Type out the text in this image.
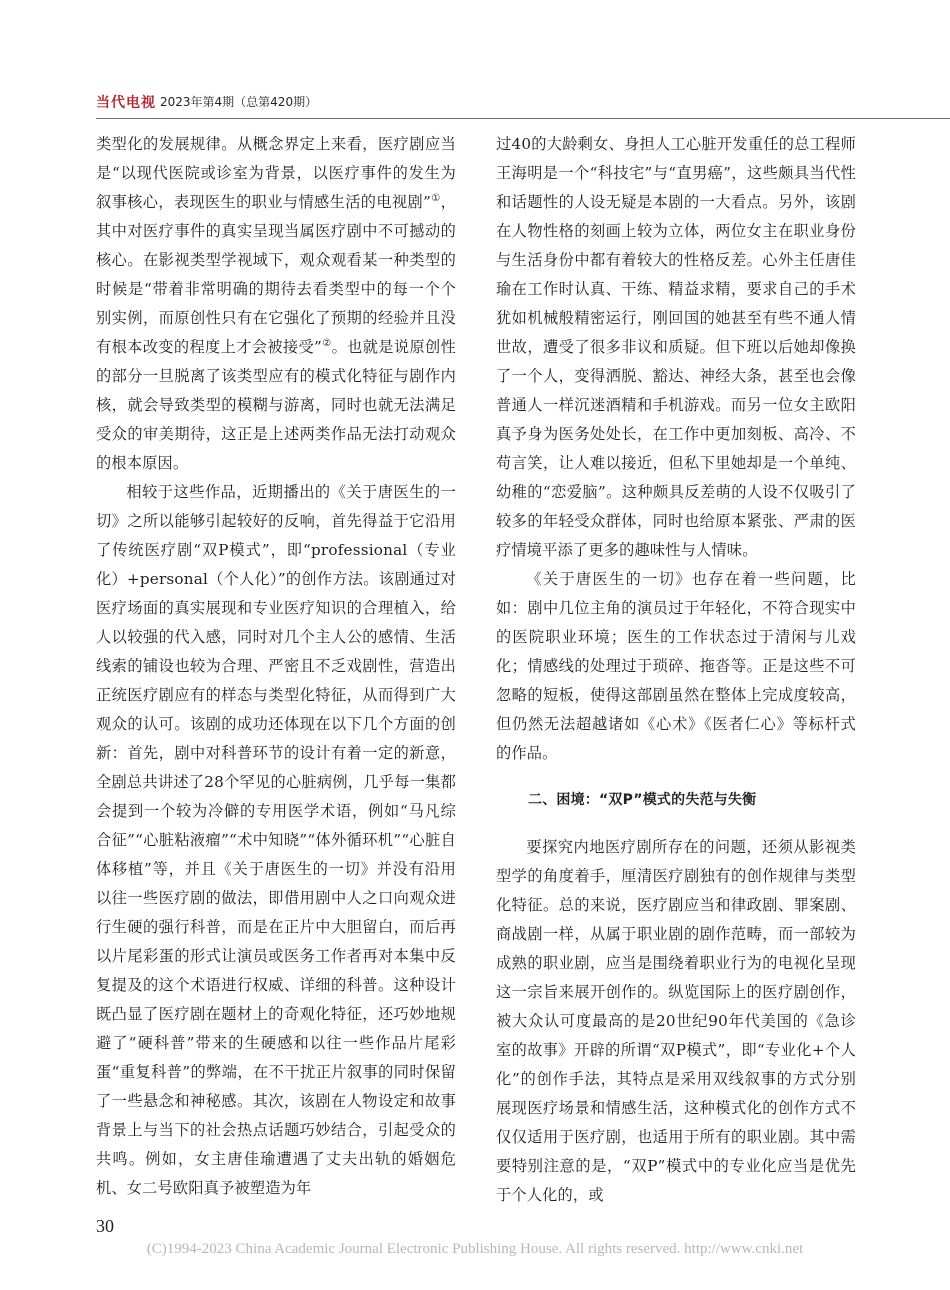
当代电视 2023年第4期（总第420期）

类型化的发展规律。从概念界定上来看，医疗剧应当是“以现代医院或诊室为背景，以医疗事件的发生为叙事核心，表现医生的职业与情感生活的电视剧”①，其中对医疗事件的真实呈现当属医疗剧中不可撼动的核心。在影视类型学视域下，观众观看某一种类型的时候是“带着非常明确的期待去看类型中的每一个个别实例，而原创性只有在它强化了预期的经验并且没有根本改变的程度上才会被接受”②。也就是说原创性的部分一旦脱离了该类型应有的模式化特征与剧作内核，就会导致类型的模糊与游离，同时也就无法满足受众的审美期待，这正是上述两类作品无法打动观众的根本原因。

相较于这些作品，近期播出的《关于唐医生的一切》之所以能够引起较好的反响，首先得益于它沿用了传统医疗剧“双P模式”，即“professional（专业化）+personal（个人化）”的创作方法。该剧通过对医疗场面的真实展现和专业医疗知识的合理植入，给人以较强的代入感，同时对几个主人公的感情、生活线索的铺设也较为合理、严密且不乏戏剧性，营造出正统医疗剧应有的样态与类型化特征，从而得到广大观众的认可。该剧的成功还体现在以下几个方面的创新：首先，剧中对科普环节的设计有着一定的新意，全剧总共讲述了28个罕见的心脏病例，几乎每一集都会提到一个较为冷僻的专用医学术语，例如“马凡综合征”“心脏粘液瘤”“术中知晓”“体外循环机”“心脏自体移植”等，并且《关于唐医生的一切》并没有沿用以往一些医疗剧的做法，即借用剧中人之口向观众进行生硬的强行科普，而是在正片中大胆留白，而后再以片尾彩蛋的形式让演员或医务工作者再对本集中反复提及的这个术语进行权威、详细的科普。这种设计既凸显了医疗剧在题材上的奇观化特征，还巧妙地规避了“硬科普”带来的生硬感和以往一些作品片尾彩蛋“重复科普”的弊端，在不干扰正片叙事的同时保留了一些悬念和神秘感。其次，该剧在人物设定和故事背景上与当下的社会热点话题巧妙结合，引起受众的共鸣。例如，女主唐佳瑜遭遇了丈夫出轨的婚姻危机、女二号欧阳真予被塑造为年

过40的大龄剩女、身担人工心脏开发重任的总工程师王海明是一个“科技宅”与“直男癌”，这些颇具当代性和话题性的人设无疑是本剧的一大看点。另外，该剧在人物性格的刻画上较为立体，两位女主在职业身份与生活身份中都有着较大的性格反差。心外主任唐佳瑜在工作时认真、干练、精益求精，要求自己的手术犹如机械般精密运行，刚回国的她甚至有些不通人情世故，遭受了很多非议和质疑。但下班以后她却像换了一个人，变得洒脱、豁达、神经大条，甚至也会像普通人一样沉迷酒精和手机游戏。而另一位女主欧阳真予身为医务处处长，在工作中更加刻板、高冷、不苟言笑，让人难以接近，但私下里她却是一个单纯、幼稚的“恋爱脑”。这种颇具反差萌的人设不仅吸引了较多的年轻受众群体，同时也给原本紧张、严肃的医疗情境平添了更多的趣味性与人情味。

《关于唐医生的一切》也存在着一些问题，比如：剧中几位主角的演员过于年轻化，不符合现实中的医院职业环境；医生的工作状态过于清闲与儿戏化；情感线的处理过于琐碎、拖沓等。正是这些不可忽略的短板，使得这部剧虽然在整体上完成度较高，但仍然无法超越诸如《心术》《医者仁心》等标杆式的作品。

二、困境：“双P”模式的失范与失衡

要探究内地医疗剧所存在的问题，还须从影视类型学的角度着手，厘清医疗剧独有的创作规律与类型化特征。总的来说，医疗剧应当和律政剧、罪案剧、商战剧一样，从属于职业剧的剧作范畴，而一部较为成熟的职业剧，应当是围绕着职业行为的电视化呈现这一宗旨来展开创作的。纵览国际上的医疗剧创作，被大众认可度最高的是20世纪90年代美国的《急诊室的故事》开辟的所谓“双P模式”，即“专业化+个人化”的创作手法，其特点是采用双线叙事的方式分别展现医疗场景和情感生活，这种模式化的创作方式不仅仅适用于医疗剧，也适用于所有的职业剧。其中需要特别注意的是，“双P”模式中的专业化应当是优先于个人化的，或

30
(C)1994-2023 China Academic Journal Electronic Publishing House. All rights reserved. http://www.cnki.net
